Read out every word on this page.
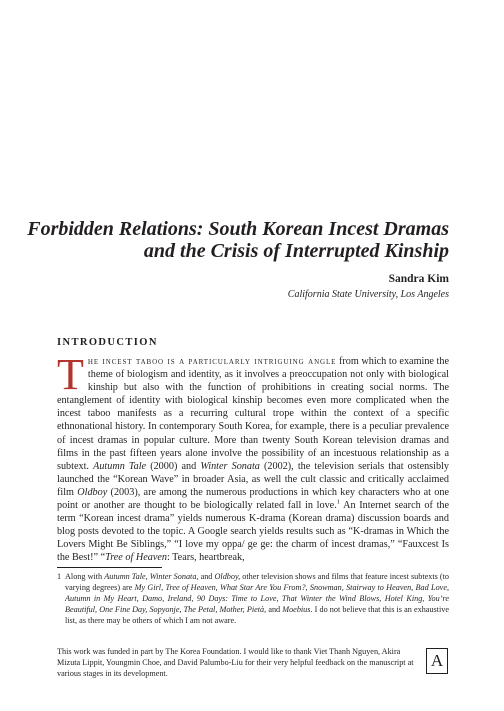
Forbidden Relations: South Korean Incest Dramas and the Crisis of Interrupted Kinship
Sandra Kim
California State University, Los Angeles
INTRODUCTION

The incest taboo is a particularly intriguing angle from which to examine the theme of biologism and identity, as it involves a preoccupation not only with biological kinship but also with the function of prohibitions in creating social norms. The entanglement of identity with biological kinship becomes even more complicated when the incest taboo manifests as a recurring cultural trope within the context of a specific ethnonational history. In contemporary South Korea, for example, there is a peculiar prevalence of incest dramas in popular culture. More than twenty South Korean television dramas and films in the past fifteen years alone involve the possibility of an incestuous relationship as a subtext. Autumn Tale (2000) and Winter Sonata (2002), the television serials that ostensibly launched the “Korean Wave” in broader Asia, as well the cult classic and critically acclaimed film Oldboy (2003), are among the numerous productions in which key characters who at one point or another are thought to be biologically related fall in love.$^1$ An Internet search of the term “Korean incest drama” yields numerous K-drama (Korean drama) discussion boards and blog posts devoted to the topic. A Google search yields results such as “K-dramas in Which the Lovers Might Be Siblings,” “I love my oppa/ ge ge: the charm of incest dramas,” “Fauxcest Is the Best!” “Tree of Heaven: Tears, heartbreak,

1 Along with Autumn Tale, Winter Sonata, and Oldboy, other television shows and films that feature incest subtexts (to varying degrees) are My Girl, Tree of Heaven, What Star Are You From?, Snowman, Stairway to Heaven, Bad Love, Autumn in My Heart, Damo, Ireland, 90 Days: Time to Love, That Winter the Wind Blows, Hotel King, You’re Beautiful, One Fine Day, Sopyonje, The Petal, Mother, Pietà, and Moebius. I do not believe that this is an exhaustive list, as there may be others of which I am not aware.
This work was funded in part by The Korea Foundation. I would like to thank Viet Thanh Nguyen, Akira Mizuta Lippit, Youngmin Choe, and David Palumbo-Liu for their very helpful feedback on the manuscript at various stages in its development.
A
